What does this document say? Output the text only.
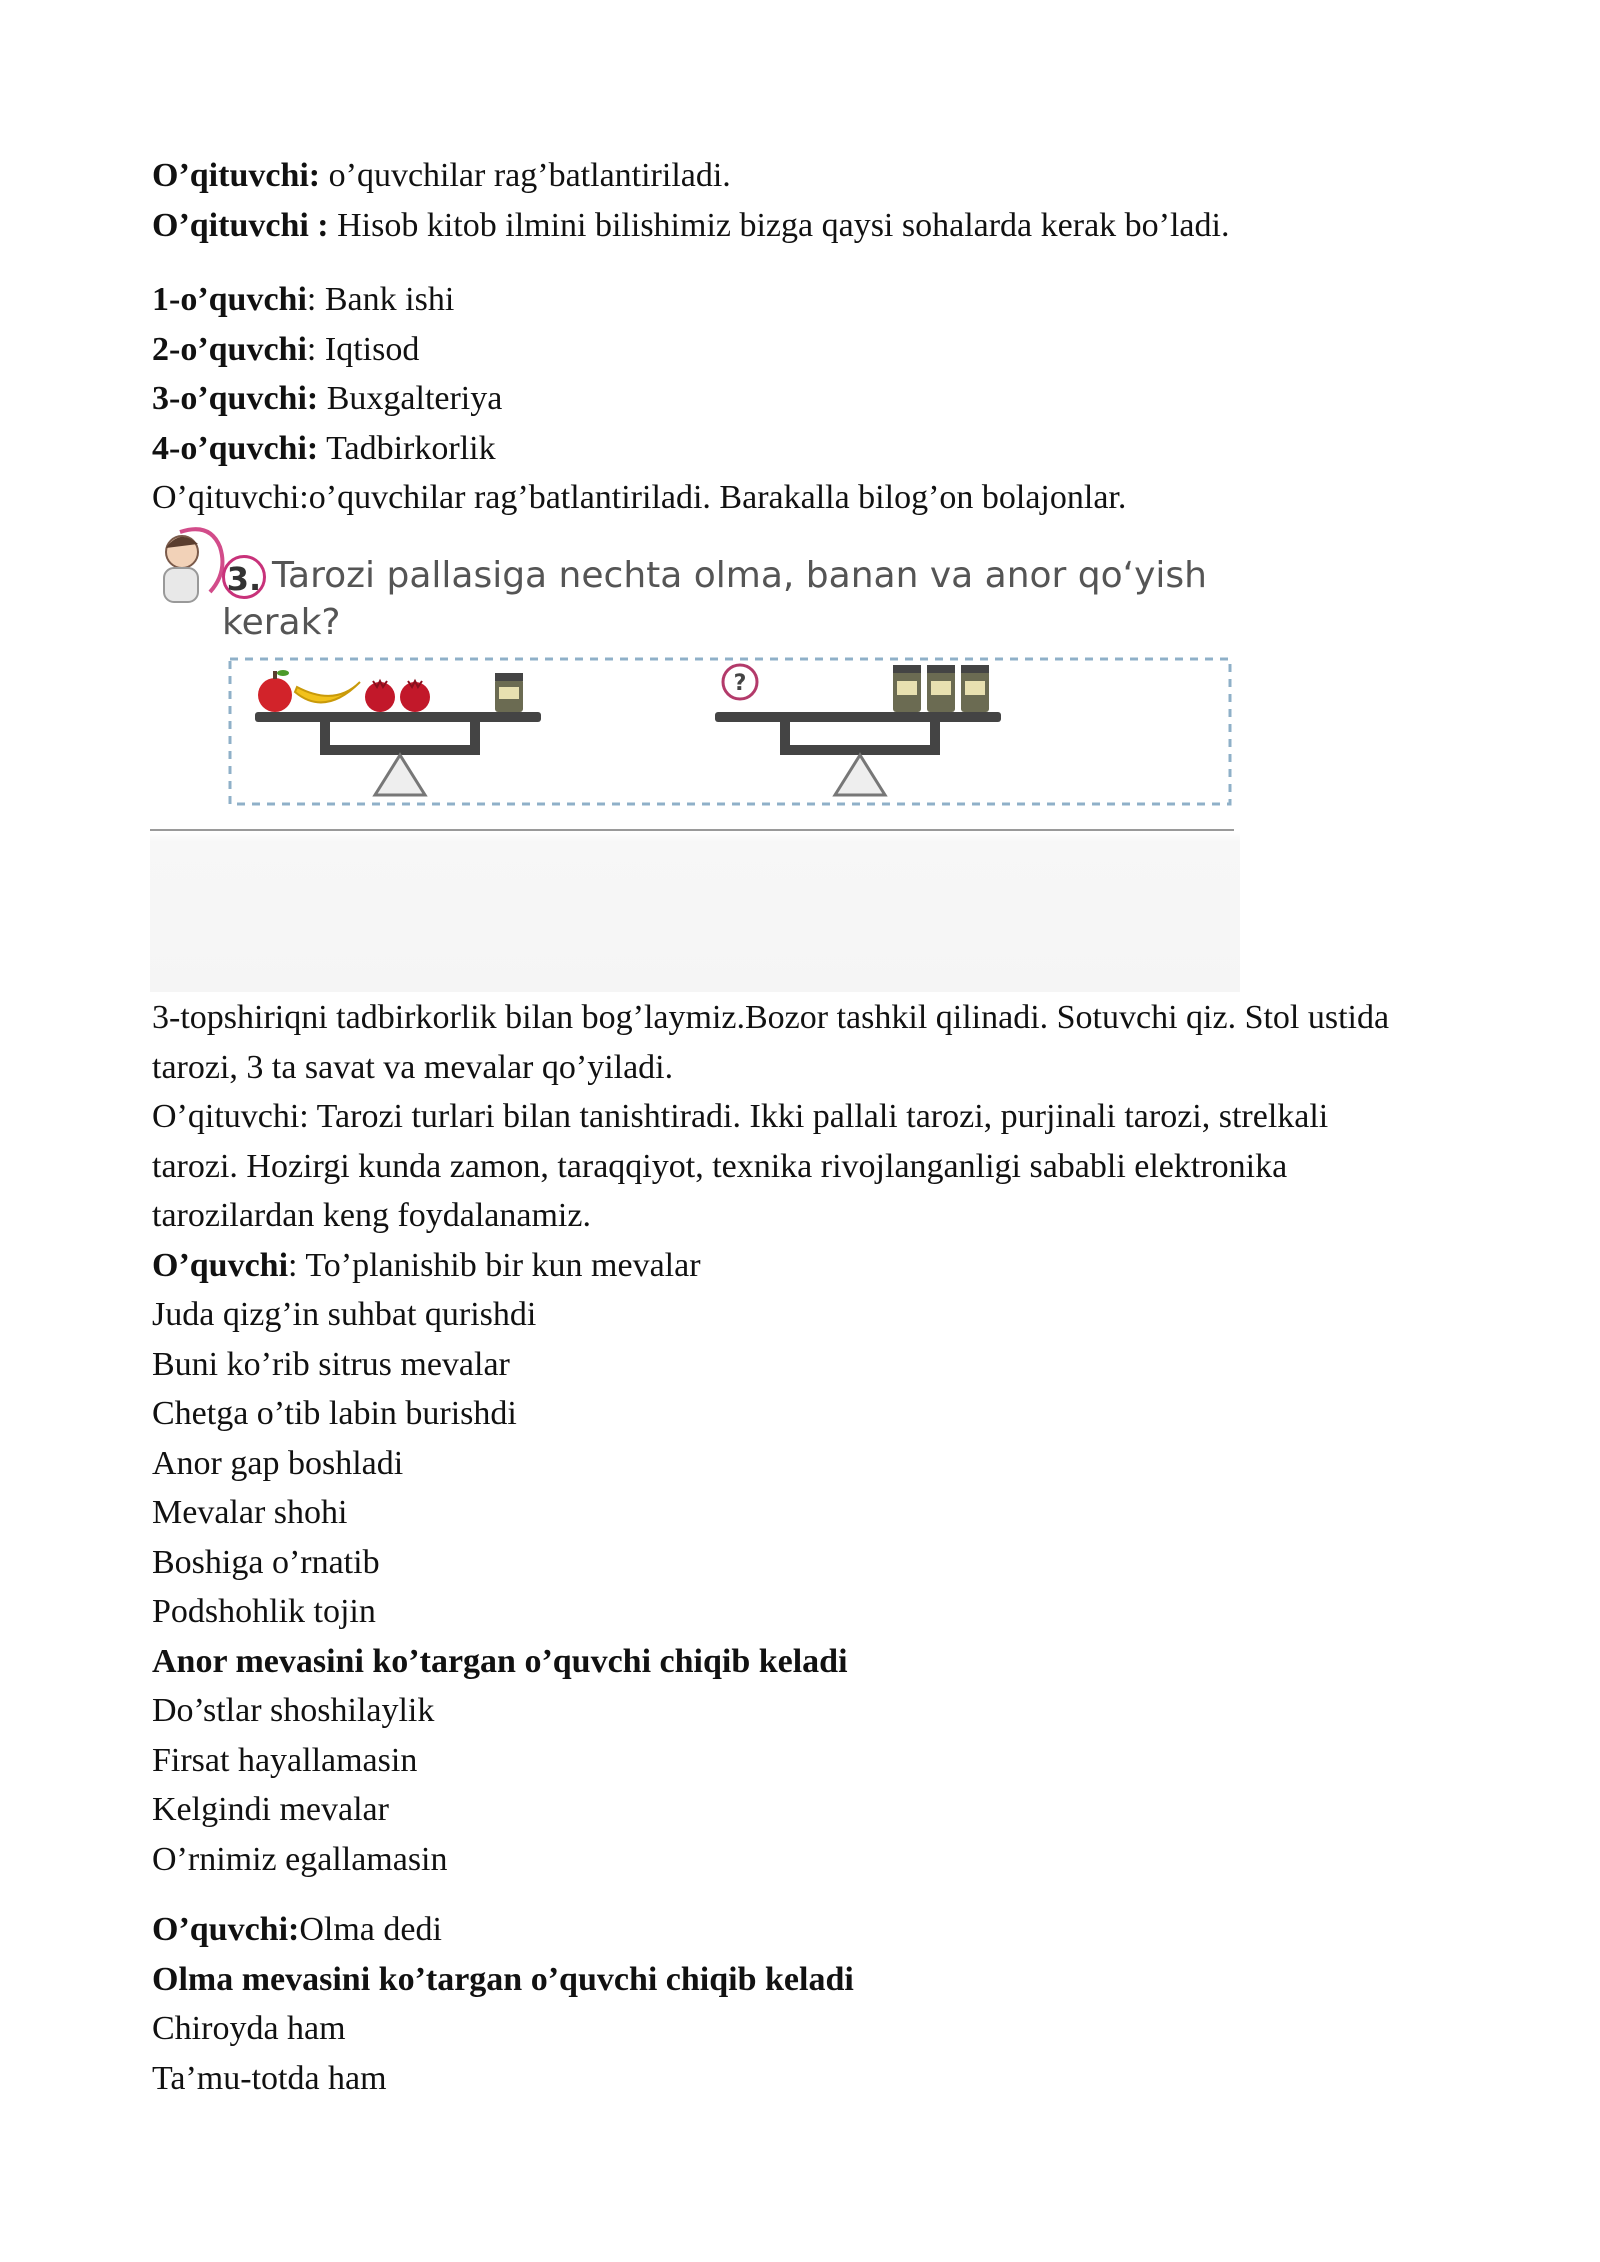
O’qituvchi: o’quvchilar rag’batlantiriladi.
O’qituvchi : Hisob kitob ilmini bilishimiz bizga qaysi sohalarda kerak bo’ladi.
1-o’quvchi: Bank ishi
2-o’quvchi: Iqtisod
3-o’quvchi: Buxgalteriya
4-o’quvchi: Tadbirkorlik
O’qituvchi:o’quvchilar rag’batlantiriladi. Barakalla bilog’on bolajonlar.
3. Tarozi pallasiga nechta olma, banan va anor qo‘yish
kerak?
?
3-topshiriqni tadbirkorlik bilan bog’laymiz.Bozor tashkil qilinadi. Sotuvchi qiz. Stol ustida tarozi, 3 ta savat va mevalar qo’yiladi.
O’qituvchi: Tarozi turlari bilan tanishtiradi. Ikki pallali tarozi, purjinali tarozi, strelkali tarozi. Hozirgi kunda zamon, taraqqiyot, texnika rivojlanganligi sababli elektronika tarozilardan keng foydalanamiz.
O’quvchi: To’planishib bir kun mevalar
Juda qizg’in suhbat qurishdi
Buni ko’rib sitrus mevalar
Chetga o’tib labin burishdi
Anor gap boshladi
Mevalar shohi
Boshiga o’rnatib
Podshohlik tojin
Anor mevasini ko’targan o’quvchi chiqib keladi
Do’stlar shoshilaylik
Firsat hayallamasin
Kelgindi mevalar
O’rnimiz egallamasin
O’quvchi:Olma dedi
Olma mevasini ko’targan o’quvchi chiqib keladi
Chiroyda ham
Ta’mu-totda ham
